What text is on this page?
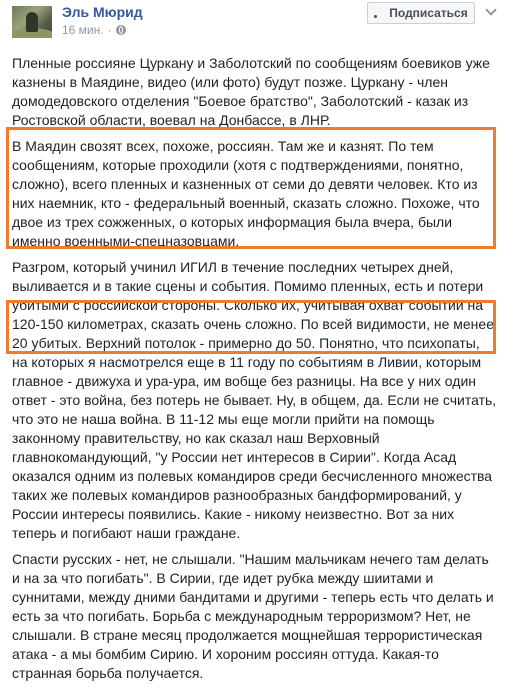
Эль Мюрид
16 мин. ·
Подписаться

Пленные россияне Цуркану и Заболотский по сообщениям боевиков уже казнены в Маядине, видео (или фото) будут позже. Цуркану - член домодедовского отделения "Боевое братство", Заболотский - казак из Ростовской области, воевал на Донбассе, в ЛНР.

В Маядин свозят всех, похоже, россиян. Там же и казнят. По тем сообщениям, которые проходили (хотя с подтверждениями, понятно, сложно), всего пленных и казненных от семи до девяти человек. Кто из них наемник, кто - федеральный военный, сказать сложно. Похоже, что двое из трех сожженных, о которых информация была вчера, были именно военными-спецназовцами.

Разгром, который учинил ИГИЛ в течение последних четырех дней, выливается и в такие сцены и события. Помимо пленных, есть и потери убитыми с российской стороны. Сколько их, учитывая охват событий на 120-150 километрах, сказать очень сложно. По всей видимости, не менее 20 убитых. Верхний потолок - примерно до 50. Понятно, что психопаты, на которых я насмотрелся еще в 11 году по событиям в Ливии, которым главное - движуха и ура-ура, им вобще без разницы. На все у них один ответ - это война, без потерь не бывает. Ну, в общем, да. Если не считать, что это не наша война. В 11-12 мы еще могли прийти на помощь законному правительству, но как сказал наш Верховный главнокомандующий, "у России нет интересов в Сирии". Когда Асад оказался одним из полевых командиров среди бесчисленного множества таких же полевых командиров разнообразных бандформирований, у России интересы появились. Какие - никому неизвестно. Вот за них теперь и погибают наши граждане.

Спасти русских - нет, не слышали. "Нашим мальчикам нечего там делать и на за что погибать". В Сирии, где идет рубка между шиитами и суннитами, между дними бандитами и другими - теперь есть что делать и есть за что погибать. Борьба с международным терроризмом? Нет, не слышали. В стране месяц продолжается мощнейшая террористическая атака - а мы бомбим Сирию. И хороним россиян оттуда. Какая-то странная борьба получается.
